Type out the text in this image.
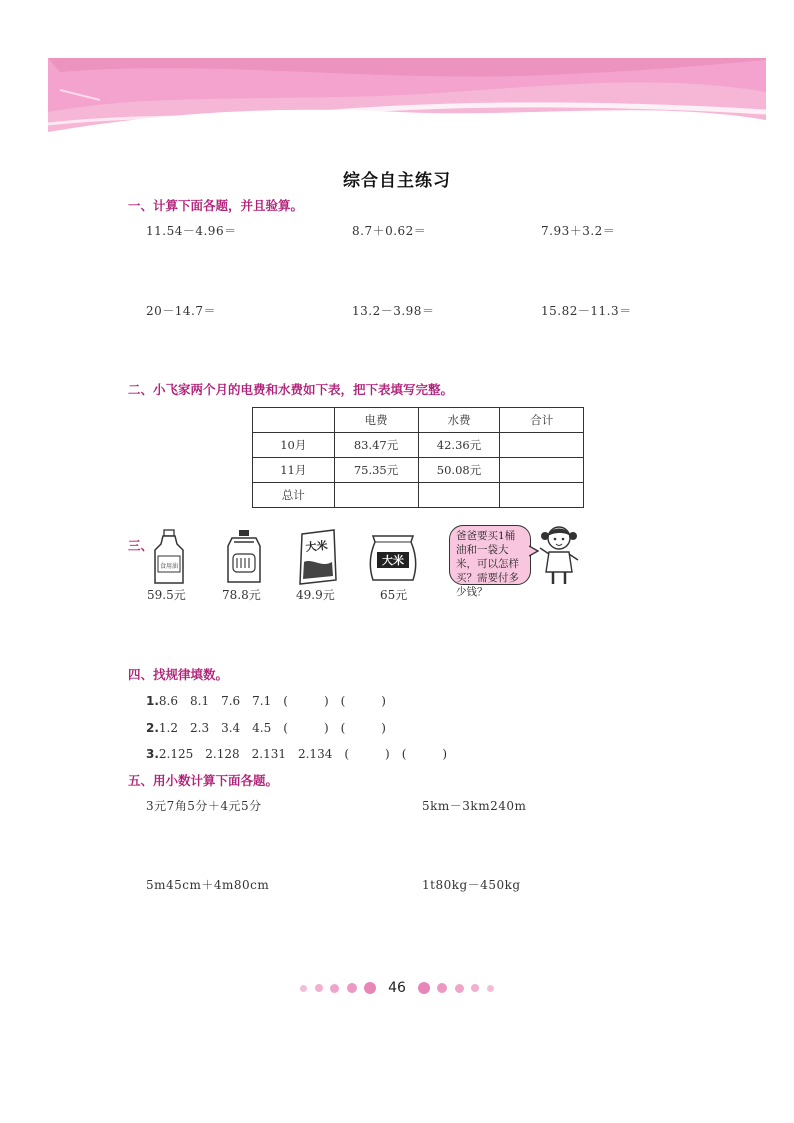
综合自主练习
一、计算下面各题，并且验算。
11.54－4.96＝	8.7＋0.62＝	7.93＋3.2＝
20－14.7＝	13.2－3.98＝	15.82－11.3＝
二、小飞家两个月的电费和水费如下表，把下表填写完整。
	电费	水费	合计
10月	83.47元	42.36元	
11月	75.35元	50.08元	
总计			
三、
食用油
大米
大米
59.5元	78.8元	49.9元	65元
爸爸要买1桶油和一袋大米，可以怎样买？需要付多少钱？
四、找规律填数。
1.8.6　8.1　7.6　7.1　(　　　)　(　　　)
2.1.2　2.3　3.4　4.5　(　　　)　(　　　)
3.2.125　2.128　2.131　2.134　(　　　)　(　　　)
五、用小数计算下面各题。
3元7角5分＋4元5分	5km－3km240m
5m45cm＋4m80cm	1t80kg－450kg
46
